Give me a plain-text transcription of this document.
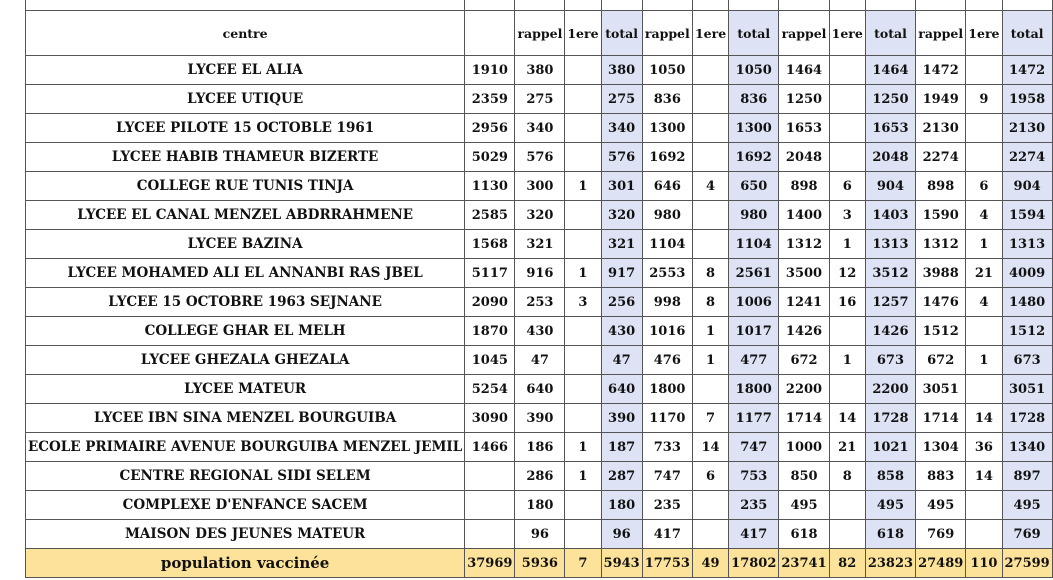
centre		rappel	1ere	total	rappel	1ere	total	rappel	1ere	total	rappel	1ere	total
LYCEE EL ALIA	1910	380		380	1050		1050	1464		1464	1472		1472
LYCEE UTIQUE	2359	275		275	836		836	1250		1250	1949	9	1958
LYCEE PILOTE 15 OCTOBLE 1961	2956	340		340	1300		1300	1653		1653	2130		2130
LYCEE HABIB THAMEUR BIZERTE	5029	576		576	1692		1692	2048		2048	2274		2274
COLLEGE RUE TUNIS TINJA	1130	300	1	301	646	4	650	898	6	904	898	6	904
LYCEE EL CANAL MENZEL ABDRRAHMENE	2585	320		320	980		980	1400	3	1403	1590	4	1594
LYCEE BAZINA	1568	321		321	1104		1104	1312	1	1313	1312	1	1313
LYCEE MOHAMED ALI EL ANNANBI RAS JBEL	5117	916	1	917	2553	8	2561	3500	12	3512	3988	21	4009
LYCEE 15 OCTOBRE 1963 SEJNANE	2090	253	3	256	998	8	1006	1241	16	1257	1476	4	1480
COLLEGE GHAR EL MELH	1870	430		430	1016	1	1017	1426		1426	1512		1512
LYCEE GHEZALA GHEZALA	1045	47		47	476	1	477	672	1	673	672	1	673
LYCEE MATEUR	5254	640		640	1800		1800	2200		2200	3051		3051
LYCEE IBN SINA MENZEL BOURGUIBA	3090	390		390	1170	7	1177	1714	14	1728	1714	14	1728
ECOLE PRIMAIRE AVENUE BOURGUIBA MENZEL JEMIL	1466	186	1	187	733	14	747	1000	21	1021	1304	36	1340
CENTRE REGIONAL SIDI SELEM		286	1	287	747	6	753	850	8	858	883	14	897
COMPLEXE D'ENFANCE SACEM		180		180	235		235	495		495	495		495
MAISON DES JEUNES MATEUR		96		96	417		417	618		618	769		769
population vaccinée	37969	5936	7	5943	17753	49	17802	23741	82	23823	27489	110	27599
